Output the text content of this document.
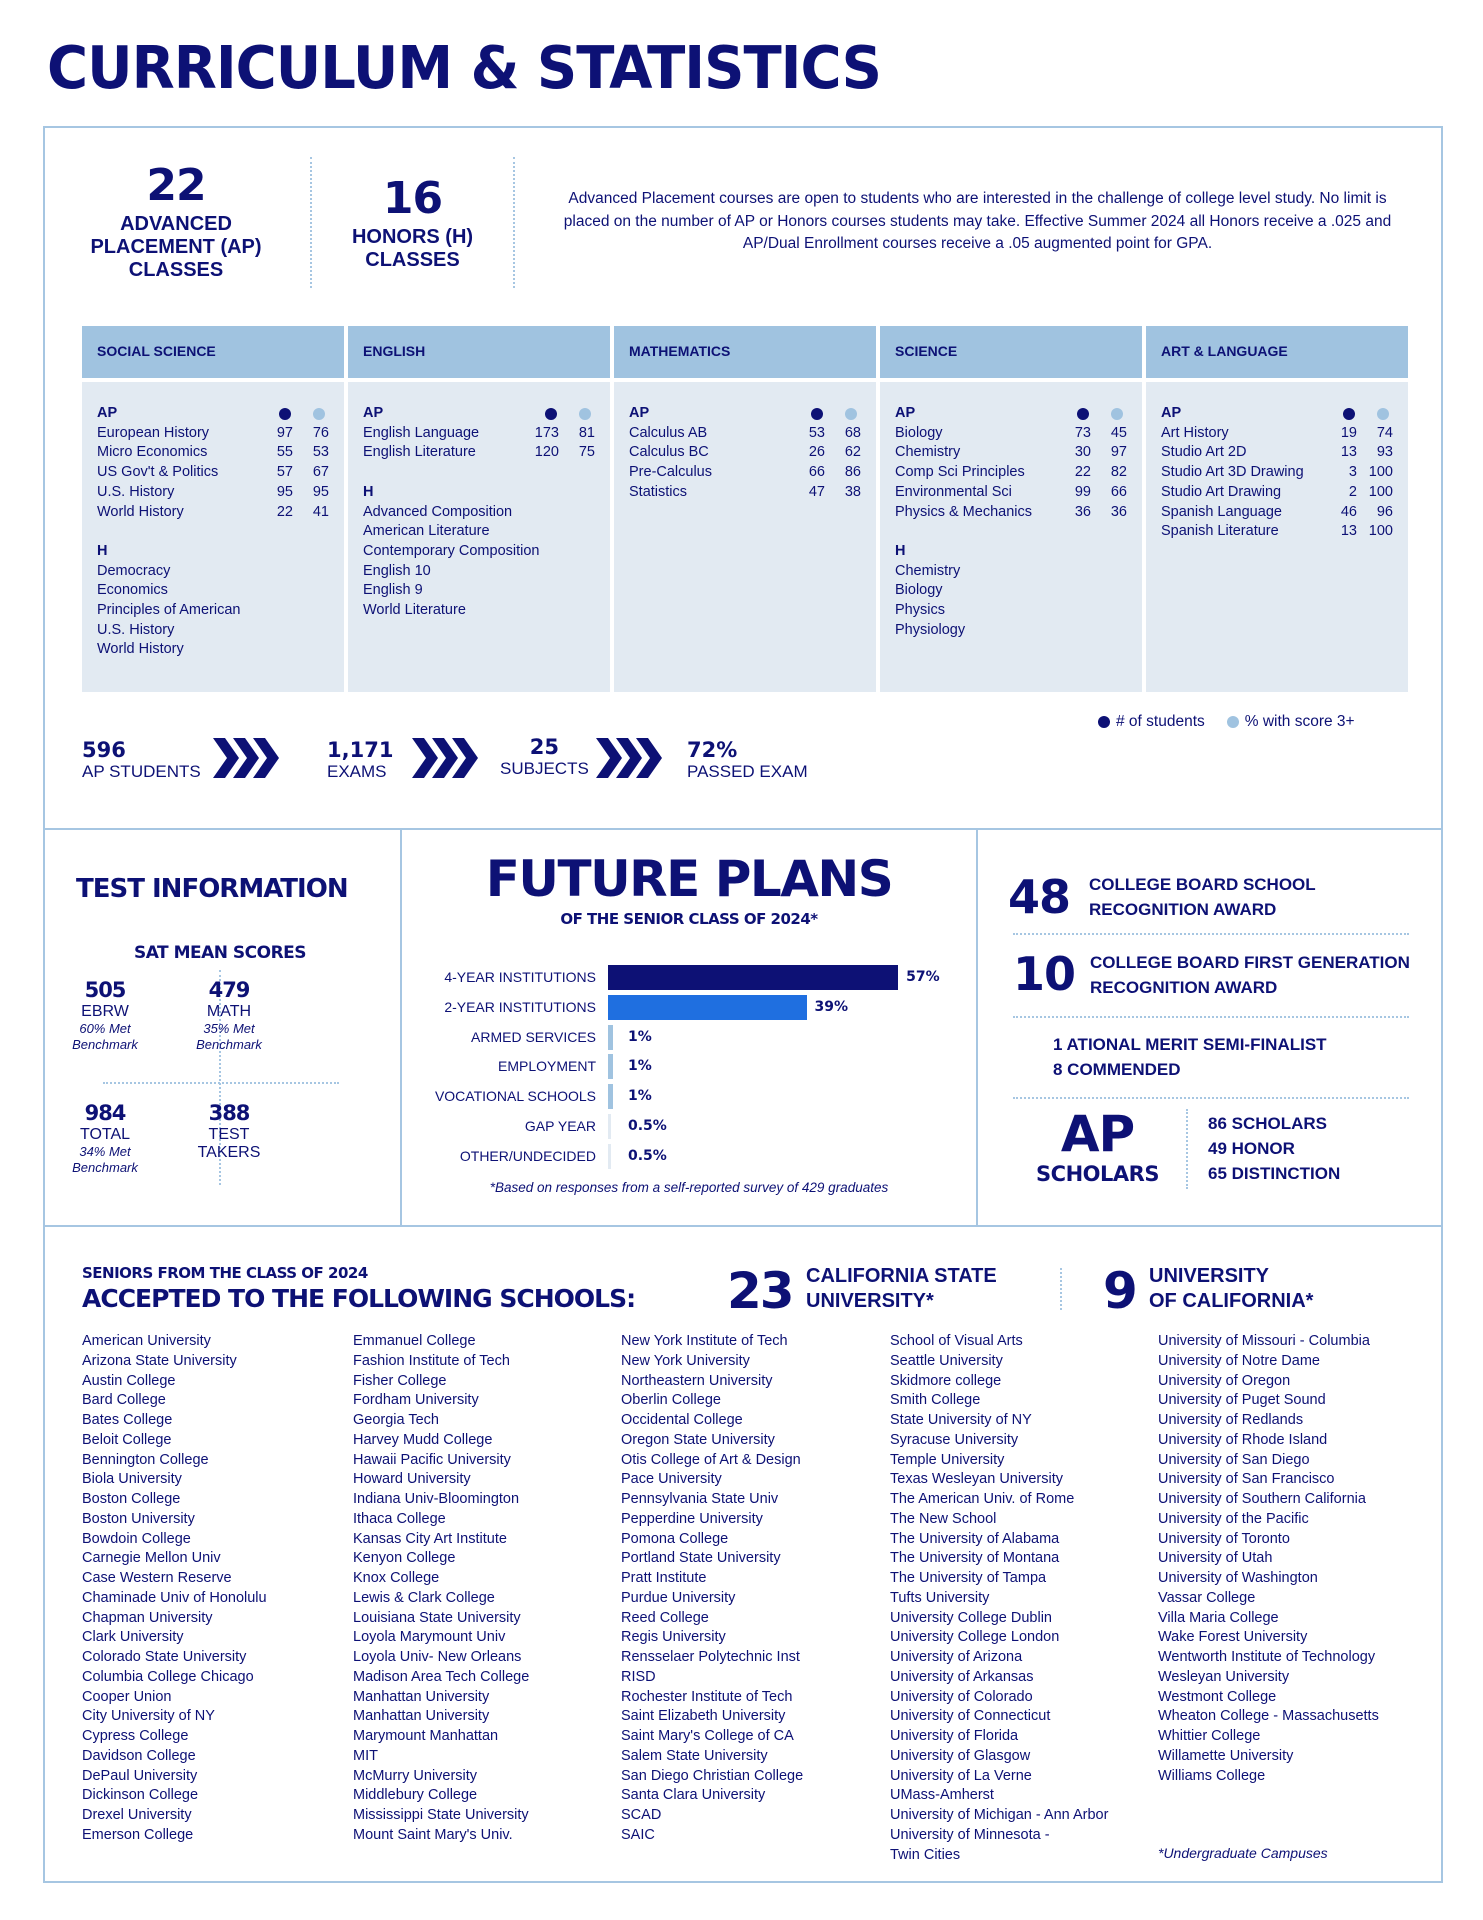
CURRICULUM & STATISTICS
22
ADVANCED
PLACEMENT (AP)
CLASSES
16
HONORS (H)
CLASSES

Advanced Placement courses are open to students who are interested in the challenge of college level study. No limit is placed on the number of AP or Honors courses students may take. Effective Summer 2024 all Honors receive a .025 and AP/Dual Enrollment courses receive a .05 augmented point for GPA.

SOCIAL SCIENCE
AP
European History	97	76
Micro Economics	55	53
US Gov't & Politics	57	67
U.S. History	95	95
World History	22	41
H
Democracy
Economics
Principles of American
U.S. History
World History
ENGLISH
AP
English Language	173	81
English Literature	120	75
H
Advanced Composition
American Literature
Contemporary Composition
English 10
English 9
World Literature
MATHEMATICS
AP
Calculus AB	53	68
Calculus BC	26	62
Pre-Calculus	66	86
Statistics	47	38
SCIENCE
AP
Biology	73	45
Chemistry	30	97
Comp Sci Principles	22	82
Environmental Sci	99	66
Physics & Mechanics	36	36
H
Chemistry
Biology
Physics
Physiology
ART & LANGUAGE
AP
Art History	19	74
Studio Art 2D	13	93
Studio Art 3D Drawing	3 100
Studio Art Drawing	2 100
Spanish Language	46	96
Spanish Literature	13 100
# of students	% with score 3+
596
AP STUDENTS
1,171
EXAMS
25
SUBJECTS
72%
PASSED EXAM
TEST INFORMATION
SAT MEAN SCORES
505
EBRW
60% Met
Benchmark
479
MATH
35% Met
Benchmark
984
TOTAL
34% Met
Benchmark
388
TEST
TAKERS
FUTURE PLANS
OF THE SENIOR CLASS OF 2024*
4-YEAR INSTITUTIONS	57%
2-YEAR INSTITUTIONS	39%
ARMED SERVICES 1%
EMPLOYMENT 1%
VOCATIONAL SCHOOLS 1%
GAP YEAR 0.5%
OTHER/UNDECIDED 0.5%
*Based on responses from a self-reported survey of 429 graduates
48 COLLEGE BOARD SCHOOL
RECOGNITION AWARD
10 COLLEGE BOARD FIRST GENERATION
RECOGNITION AWARD
1 ATIONAL MERIT SEMI-FINALIST
8 COMMENDED
AP
SCHOLARS
86 SCHOLARS
49 HONOR
65 DISTINCTION
SENIORS FROM THE CLASS OF 2024
ACCEPTED TO THE FOLLOWING SCHOOLS: 23 CALIFORNIA STATE
UNIVERSITY*	9 UNIVERSITY
OF CALIFORNIA*
American University
Arizona State University
Austin College
Bard College
Bates College
Beloit College
Bennington College
Biola University
Boston College
Boston University
Bowdoin College
Carnegie Mellon Univ
Case Western Reserve
Chaminade Univ of Honolulu
Chapman University
Clark University
Colorado State University
Columbia College Chicago
Cooper Union
City University of NY
Cypress College
Davidson College
DePaul University
Dickinson College
Drexel University
Emerson College
Emmanuel College
Fashion Institute of Tech
Fisher College
Fordham University
Georgia Tech
Harvey Mudd College
Hawaii Pacific University
Howard University
Indiana Univ-Bloomington
Ithaca College
Kansas City Art Institute
Kenyon College
Knox College
Lewis & Clark College
Louisiana State University
Loyola Marymount Univ
Loyola Univ- New Orleans
Madison Area Tech College
Manhattan University
Manhattan University
Marymount Manhattan
MIT
McMurry University
Middlebury College
Mississippi State University
Mount Saint Mary's Univ.
New York Institute of Tech
New York University
Northeastern University
Oberlin College
Occidental College
Oregon State University
Otis College of Art & Design
Pace University
Pennsylvania State Univ
Pepperdine University
Pomona College
Portland State University
Pratt Institute
Purdue University
Reed College
Regis University
Rensselaer Polytechnic Inst
RISD
Rochester Institute of Tech
Saint Elizabeth University
Saint Mary's College of CA
Salem State University
San Diego Christian College
Santa Clara University
SCAD
SAIC
School of Visual Arts
Seattle University
Skidmore college
Smith College
State University of NY
Syracuse University
Temple University
Texas Wesleyan University
The American Univ. of Rome
The New School
The University of Alabama
The University of Montana
The University of Tampa
Tufts University
University College Dublin
University College London
University of Arizona
University of Arkansas
University of Colorado
University of Connecticut
University of Florida
University of Glasgow
University of La Verne
UMass-Amherst
University of Michigan - Ann Arbor
University of Minnesota -
Twin Cities
University of Missouri - Columbia
University of Notre Dame
University of Oregon
University of Puget Sound
University of Redlands
University of Rhode Island
University of San Diego
University of San Francisco
University of Southern California
University of the Pacific
University of Toronto
University of Utah
University of Washington
Vassar College
Villa Maria College
Wake Forest University
Wentworth Institute of Technology
Wesleyan University
Westmont College
Wheaton College - Massachusetts
Whittier College
Willamette University
Williams College
*Undergraduate Campuses
